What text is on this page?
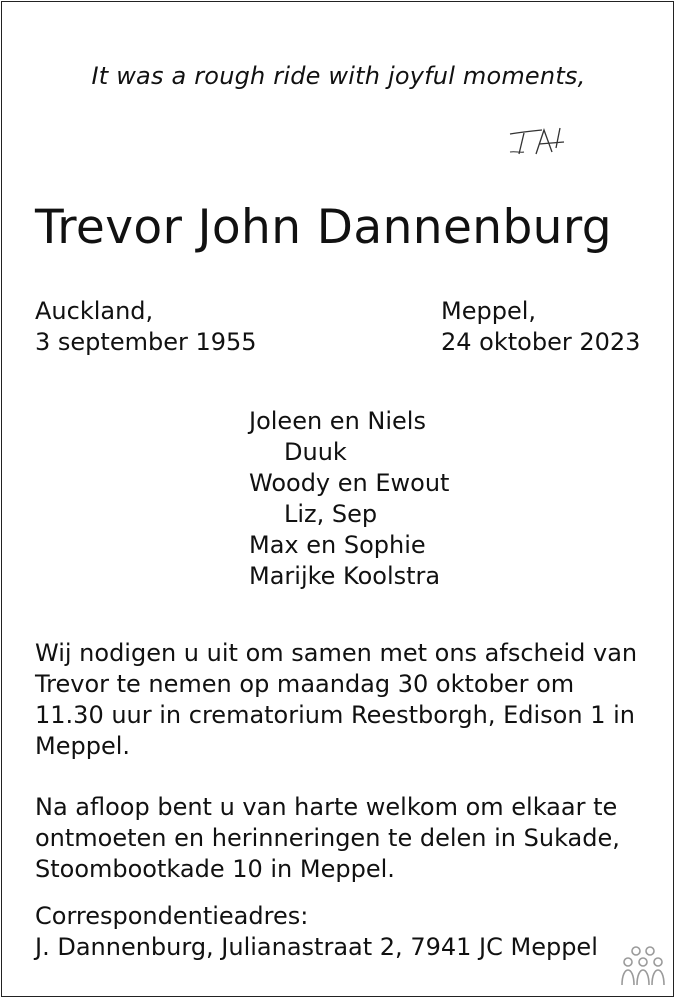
It was a rough ride with joyful moments,
Trevor John Dannenburg
Auckland,
3 september 1955
Meppel,
24 oktober 2023
Joleen en Niels
Duuk
Woody en Ewout
Liz, Sep
Max en Sophie
Marijke Koolstra

Wij nodigen u uit om samen met ons afscheid van Trevor te nemen op maandag 30 oktober om 11.30 uur in crematorium Reestborgh, Edison 1 in Meppel.

Na afloop bent u van harte welkom om elkaar te ontmoeten en herinneringen te delen in Sukade, Stoombootkade 10 in Meppel.

Correspondentieadres:
J. Dannenburg, Julianastraat 2, 7941 JC Meppel
